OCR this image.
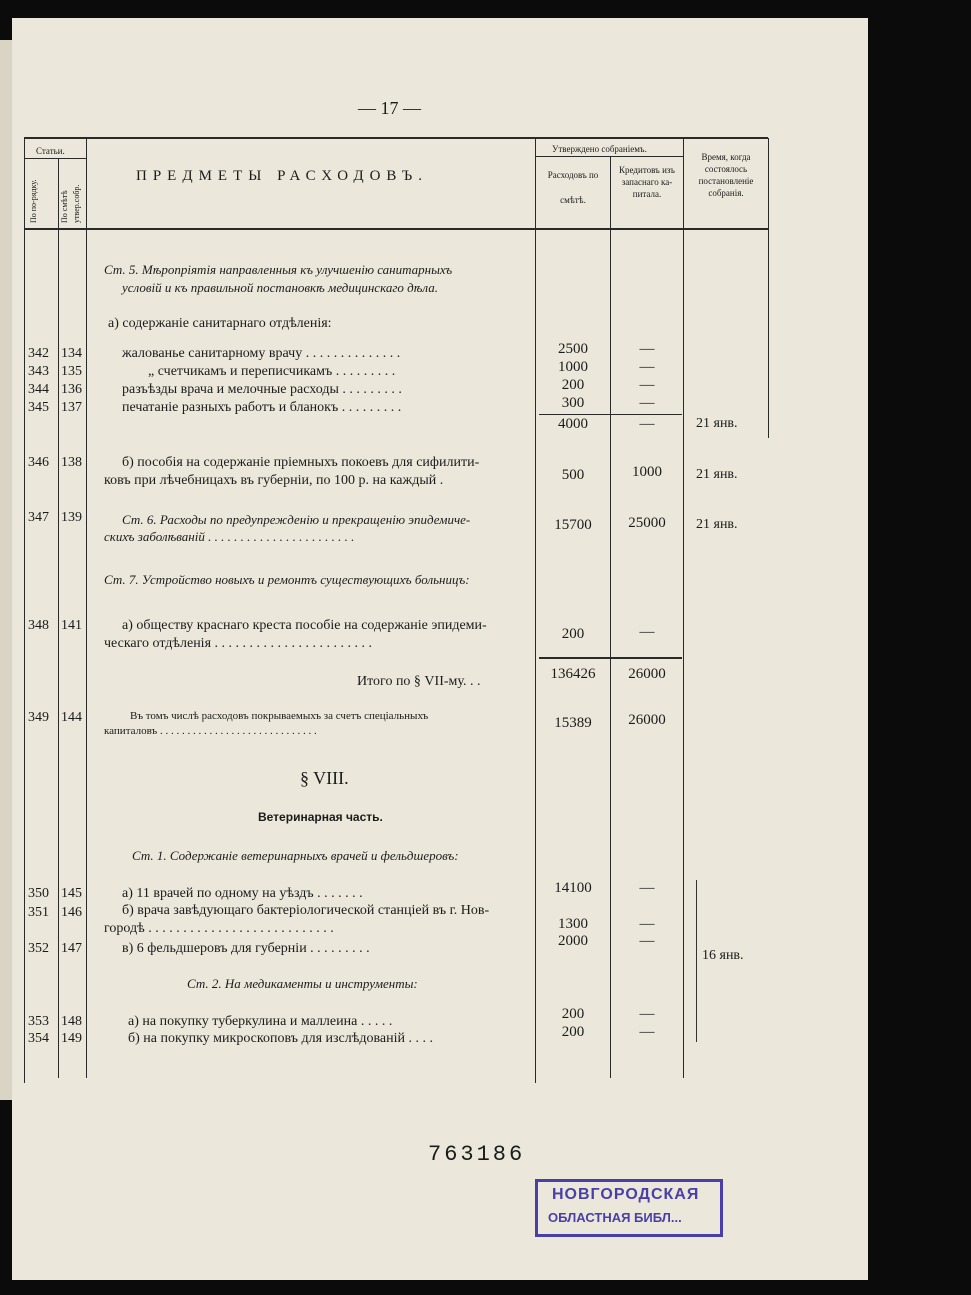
— 17 —
Статьи.
По по-рядку.	По смѣтѣ утвер.собр.
ПРЕДМЕТЫ РАСХОДОВЪ.
Утверждено собраніемъ.
Расходовъ по
смѣтѣ.
Кредитовъ изъ
запаснаго ка-
питала.
Время, когда
состоялось
постановленіе
собранія.
Ст. 5. Мѣропріятія направленныя къ улучшенію санитарныхъ
условій и къ правильной постановкѣ медицинскаго дѣла.
а) содержаніе санитарнаго отдѣленія:
342 134	жалованье санитарному врачу . . . . . . . . . . . . . .	2500	—
343 135	„ счетчикамъ и переписчикамъ . . . . . . . . .	1000	—
344 136	разъѣзды врача и мелочные расходы . . . . . . . . .	200	—
345 137	печатаніе разныхъ работъ и бланокъ . . . . . . . . .	300	—
4000	—	21 янв.
346 138	б) пособія на содержаніе пріемныхъ покоевъ для сифилити-
ковъ при лѣчебницахъ въ губерніи, по 100 р. на каждый .	500	1000	21 янв.
347 139	Ст. 6. Расходы по предупрежденію и прекращенію эпидемиче-
скихъ заболѣваній . . . . . . . . . . . . . . . . . . . . . . .
15700	25000	21 янв.
Ст. 7. Устройство новыхъ и ремонтъ существующихъ больницъ:
348 141	а) обществу краснаго креста пособіе на содержаніе эпидеми-
ческаго отдѣленія . . . . . . . . . . . . . . . . . . . . . . .
200	—
Итого по § VII-му. . .	136426	26000
349 144	Въ томъ числѣ расходовъ покрываемыхъ за счетъ спеціальныхъ
капиталовъ . . . . . . . . . . . . . . . . . . . . . . . . . . . . .	15389	26000
§ VIII.
Ветеринарная часть.
Ст. 1. Содержаніе ветеринарныхъ врачей и фельдшеровъ:
350 145	а) 11 врачей по одному на уѣздъ . . . . . . .	14100	—
351 146	б) врача завѣдующаго бактеріологической станціей въ г. Нов-
городѣ . . . . . . . . . . . . . . . . . . . . . . . . . . .	1300	—
352 147	в) 6 фельдшеровъ для губерніи . . . . . . . . .	2000	—
Ст. 2. На медикаменты и инструменты:
353 148	а) на покупку туберкулина и маллеина . . . . .	200	—
354 149	б) на покупку микроскоповъ для изслѣдованій . . . .	200	—
16 янв.
763186
НОВГОРОДСКАЯ
ОБЛАСТНАЯ БИБЛ...
